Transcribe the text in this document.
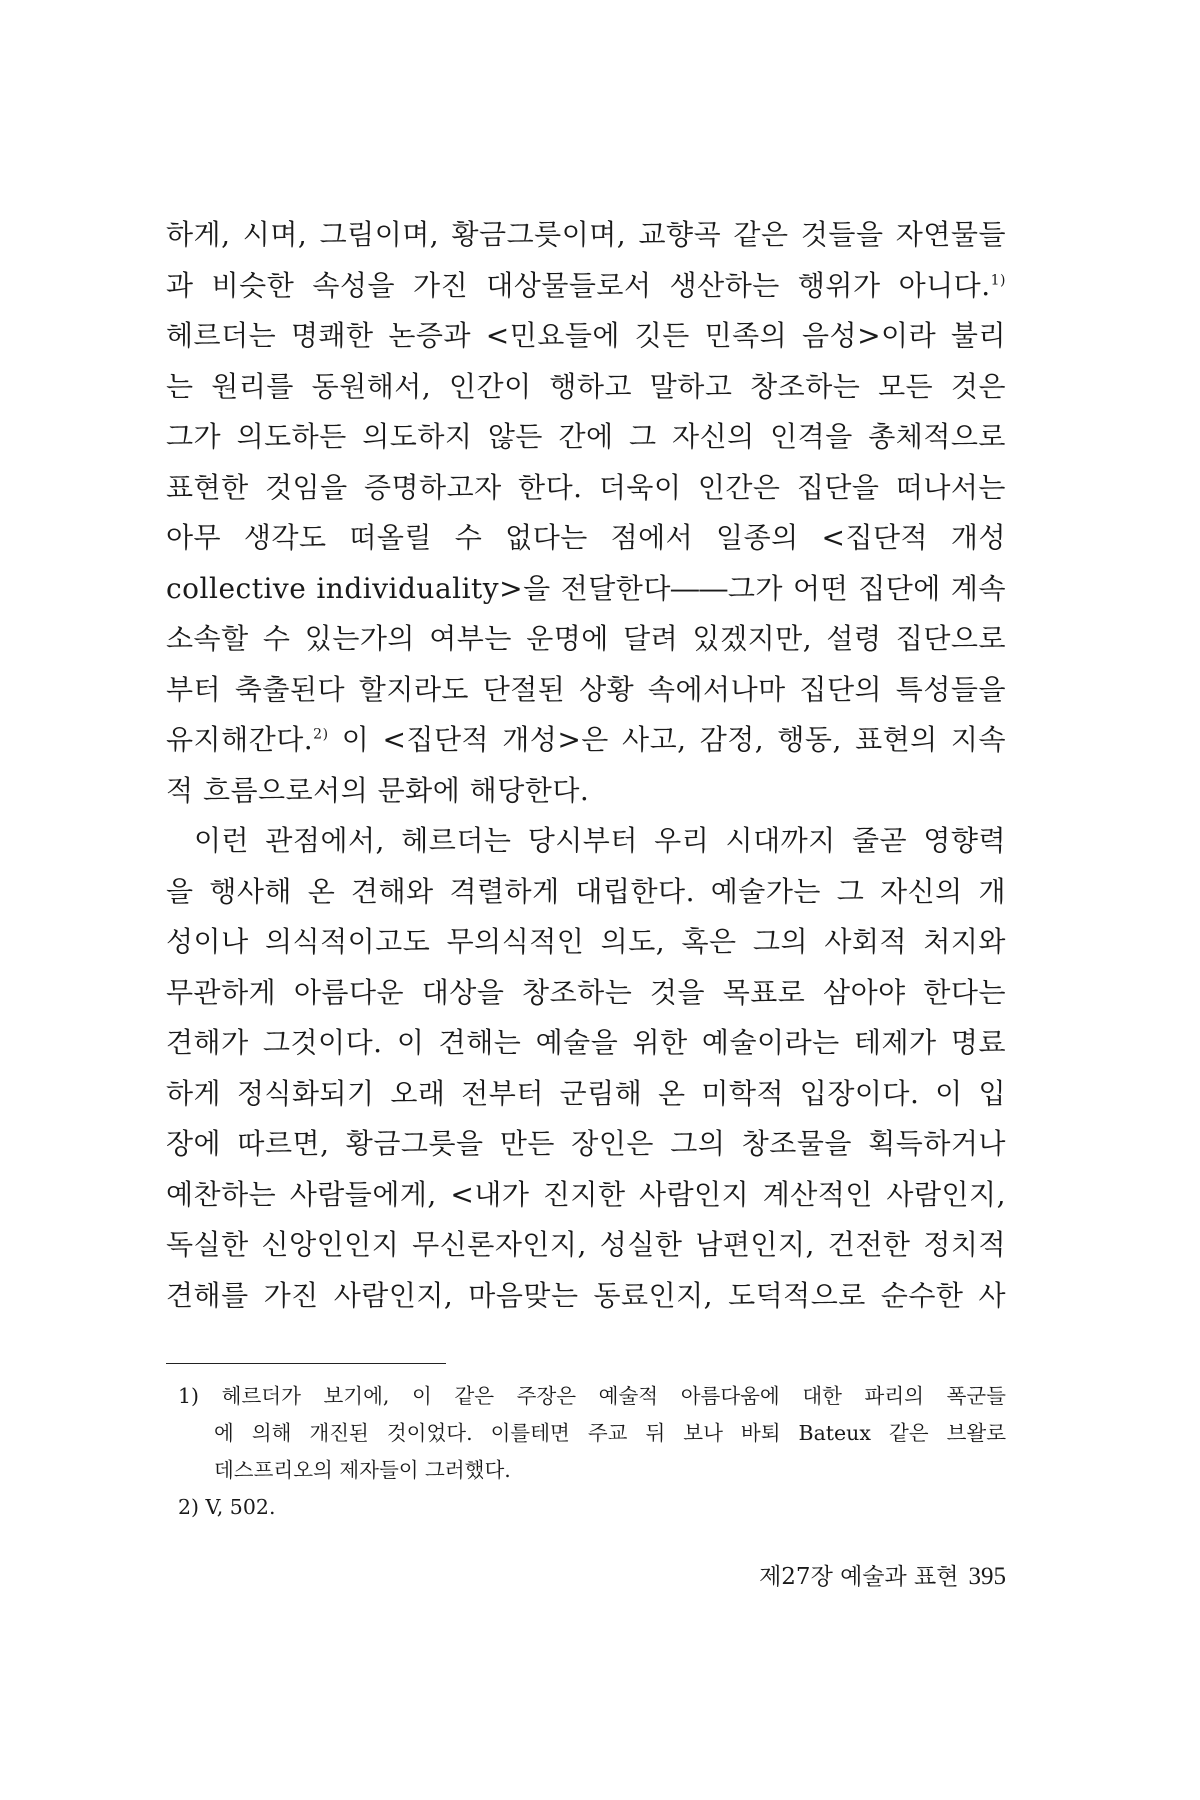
하게, 시며, 그림이며, 황금그릇이며, 교향곡 같은 것들을 자연물들
과 비슷한 속성을 가진 대상물들로서 생산하는 행위가 아니다.$^{1)}$
헤르더는 명쾌한 논증과 <민요들에 깃든 민족의 음성>이라 불리
는 원리를 동원해서, 인간이 행하고 말하고 창조하는 모든 것은
그가 의도하든 의도하지 않든 간에 그 자신의 인격을 총체적으로
표현한 것임을 증명하고자 한다. 더욱이 인간은 집단을 떠나서는
아무 생각도 떠올릴 수 없다는 점에서 일종의 <집단적 개성
collective individuality>을 전달한다――그가 어떤 집단에 계속
소속할 수 있는가의 여부는 운명에 달려 있겠지만, 설령 집단으로
부터 축출된다 할지라도 단절된 상황 속에서나마 집단의 특성들을
유지해간다.$^{2)}$ 이 <집단적 개성>은 사고, 감정, 행동, 표현의 지속
적 흐름으로서의 문화에 해당한다.
이런 관점에서, 헤르더는 당시부터 우리 시대까지 줄곧 영향력
을 행사해 온 견해와 격렬하게 대립한다. 예술가는 그 자신의 개
성이나 의식적이고도 무의식적인 의도, 혹은 그의 사회적 처지와
무관하게 아름다운 대상을 창조하는 것을 목표로 삼아야 한다는
견해가 그것이다. 이 견해는 예술을 위한 예술이라는 테제가 명료
하게 정식화되기 오래 전부터 군림해 온 미학적 입장이다. 이 입
장에 따르면, 황금그릇을 만든 장인은 그의 창조물을 획득하거나
예찬하는 사람들에게, <내가 진지한 사람인지 계산적인 사람인지,
독실한 신앙인인지 무신론자인지, 성실한 남편인지, 건전한 정치적
견해를 가진 사람인지, 마음맞는 동료인지, 도덕적으로 순수한 사
1) 헤르더가 보기에, 이 같은 주장은 예술적 아름다움에 대한 파리의 폭군들
에 의해 개진된 것이었다. 이를테면 주교 뒤 보나 바퇴 Bateux 같은 브왈로
데스프리오의 제자들이 그러했다.
2) V, 502.
제27장 예술과 표현 395
